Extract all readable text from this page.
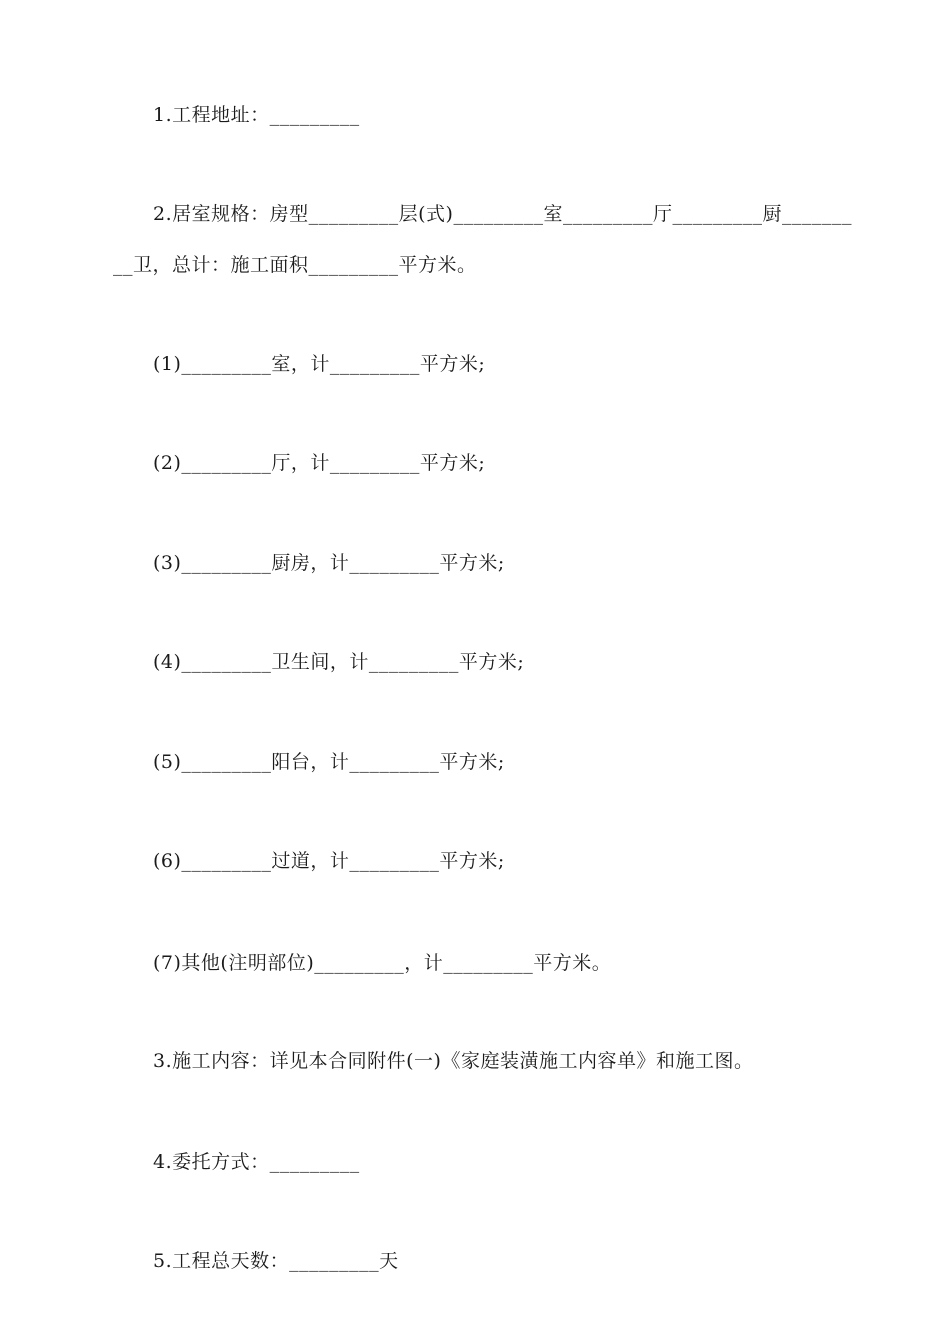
1.工程地址：_________
2.居室规格：房型_________层(式)_________室_________厅_________厨_______
__卫，总计：施工面积_________平方米。
(1)_________室，计_________平方米;
(2)_________厅，计_________平方米;
(3)_________厨房，计_________平方米;
(4)_________卫生间，计_________平方米;
(5)_________阳台，计_________平方米;
(6)_________过道，计_________平方米;
(7)其他(注明部位)_________，计_________平方米。
3.施工内容：详见本合同附件(一)《家庭装潢施工内容单》和施工图。
4.委托方式：_________
5.工程总天数：_________天
